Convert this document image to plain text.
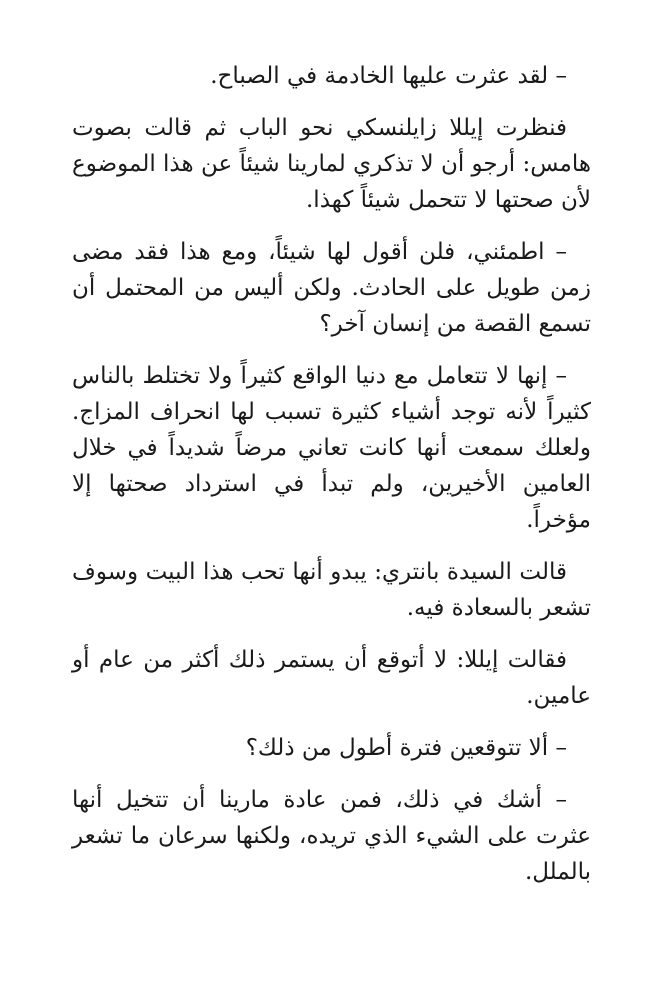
– لقد عثرت عليها الخادمة في الصباح.

فنظرت إيللا زايلنسكي نحو الباب ثم قالت بصوت هامس: أرجو أن لا تذكري لمارينا شيئاً عن هذا الموضوع لأن صحتها لا تتحمل شيئاً كهذا.

– اطمئني، فلن أقول لها شيئاً، ومع هذا فقد مضى زمن طويل على الحادث. ولكن أليس من المحتمل أن تسمع القصة من إنسان آخر؟

– إنها لا تتعامل مع دنيا الواقع كثيراً ولا تختلط بالناس كثيراً لأنه توجد أشياء كثيرة تسبب لها انحراف المزاج. ولعلك سمعت أنها كانت تعاني مرضاً شديداً في خلال العامين الأخيرين، ولم تبدأ في استرداد صحتها إلا مؤخراً.

قالت السيدة بانتري: يبدو أنها تحب هذا البيت وسوف تشعر بالسعادة فيه.

فقالت إيللا: لا أتوقع أن يستمر ذلك أكثر من عام أو عامين.

– ألا تتوقعين فترة أطول من ذلك؟

– أشك في ذلك، فمن عادة مارينا أن تتخيل أنها عثرت على الشيء الذي تريده، ولكنها سرعان ما تشعر بالملل.
